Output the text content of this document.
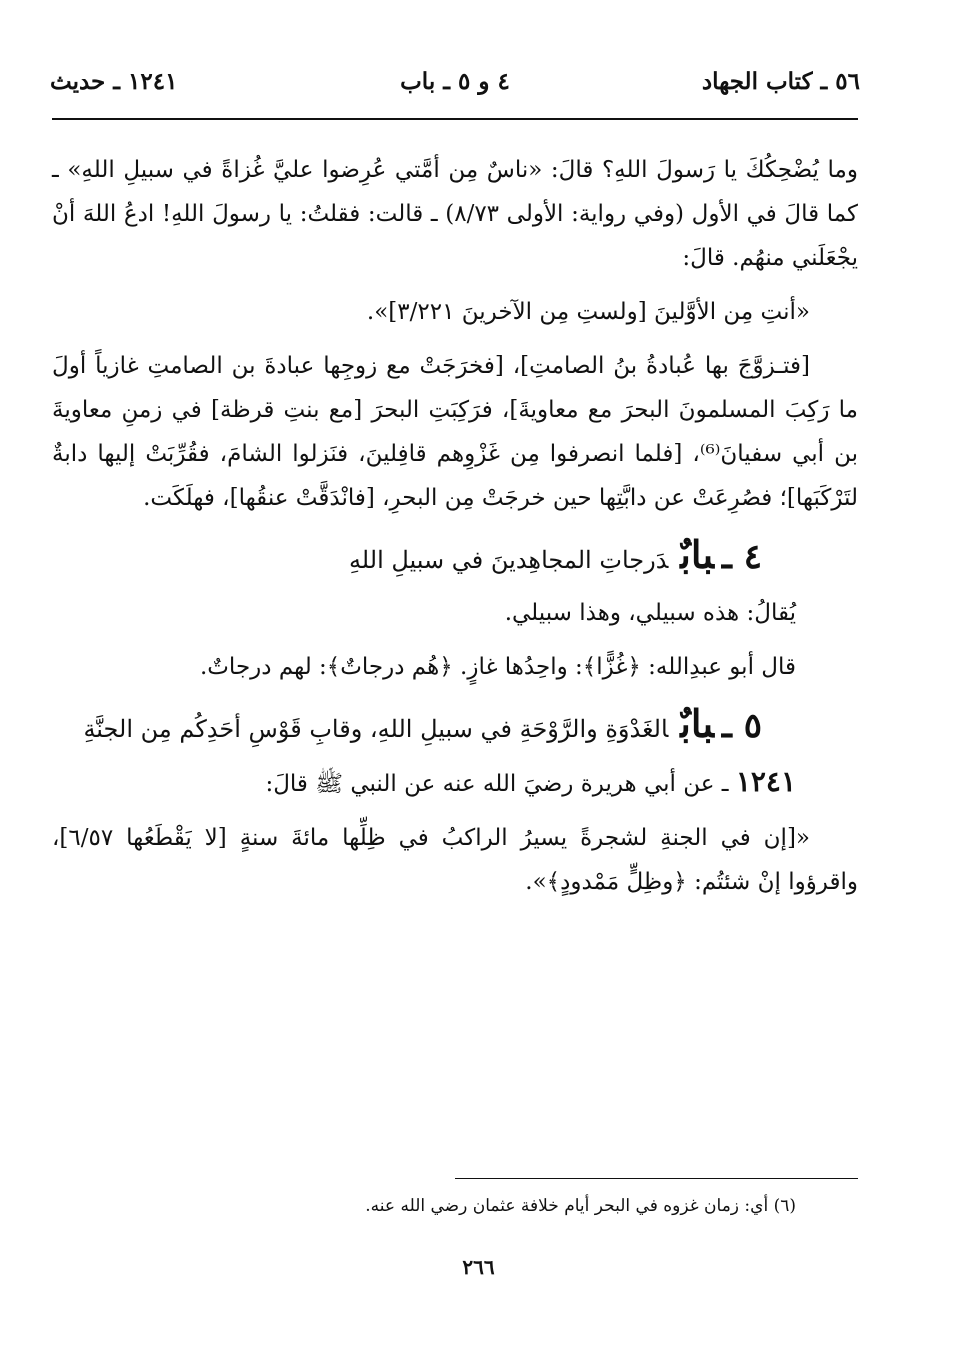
٥٦ ـ كتاب الجهاد
٤ و ٥ ـ باب
١٢٤١ ـ حديث

وما يُضْحِكُكَ يا رَسولَ اللهِ؟ قالَ: «ناسٌ مِن أمَّتي عُرِضوا عليَّ غُزاةً في سبيلِ اللهِ» ـ كما قالَ في الأول (وفي رواية: الأولى ٨/٧٣) ـ قالت: فقلتُ: يا رسولَ اللهِ! ادعُ اللهَ أنْ يجْعَلَني منهُم. قالَ:

«أنتِ مِن الأوَّلينَ [ولستِ مِن الآخرينَ ٣/٢٢١]».

[فتـزوَّجَ بها عُبادةُ بنُ الصامتِ]، [فخرَجَتْ مع زوجِها عبادةَ بن الصامتِ غازياً أولَ ما رَكِبَ المسلمونَ البحرَ مع معاويةَ]، فرَكِبَتِ البحرَ [مع بنتِ قرظة] في زمنِ معاويةَ بن أبي سفيانَ⁽⁶⁾، [فلما انصرفوا مِن غَزْوِهم قافِلينَ، فنَزلوا الشامَ، فقُرِّبَتْ إليها دابةٌ لتَرْكَبَها]؛ فصُرِعَتْ عن دابَّتِها حين خرجَتْ مِن البحرِ، [فانْدَقَّتْ عنقُها]، فهلَكَت.

٤ ـبابٌدَرجاتِ المجاهِدينَ في سبيلِ اللهِ

يُقالُ: هذه سبيلي، وهذا سبيلي.

قال أبو عبدِالله: ﴿غُزًّا﴾: واحِدُها غازٍ. ﴿هُم درجاتٌ﴾: لهم درجاتٌ.

٥ ـبابٌالغَدْوَةِ والرَّوْحَةِ في سبيلِ اللهِ، وقابِ قَوْسِ أحَدِكُم مِن الجنَّةِ

١٢٤١ ـ عن أبي هريرة رضيَ الله عنه عن النبي ﷺ قالَ:

«[إن في الجنةِ لشجرةً يسيرُ الراكبُ في ظِلِّها مائةَ سنةٍ [لا يَقْطَعُها ٦/٥٧]، واقرؤوا إنْ شئتُم: ﴿وظِلٍّ مَمْدودٍ﴾».

(٦) أي: زمان غزوه في البحر أيام خلافة عثمان رضي الله عنه.
٢٦٦
